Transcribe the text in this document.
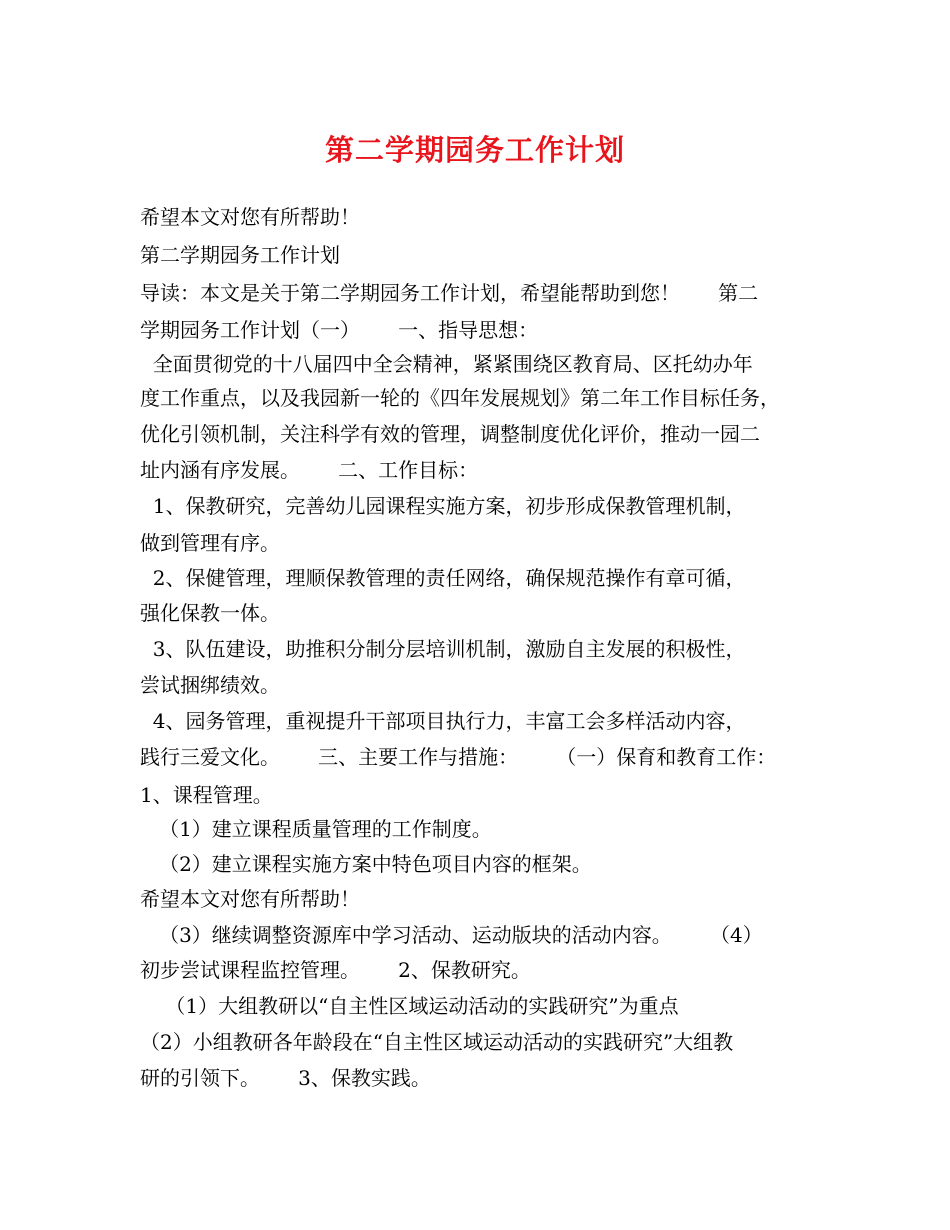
第二学期园务工作计划
希望本文对您有所帮助！
第二学期园务工作计划
导读：本文是关于第二学期园务工作计划，希望能帮助到您！      第二
学期园务工作计划（一）      一、指导思想：
全面贯彻党的十八届四中全会精神，紧紧围绕区教育局、区托幼办年
度工作重点，以及我园新一轮的《四年发展规划》第二年工作目标任务，
优化引领机制，关注科学有效的管理，调整制度优化评价，推动一园二
址内涵有序发展。      二、工作目标：
1、保教研究，完善幼儿园课程实施方案，初步形成保教管理机制，
做到管理有序。
2、保健管理，理顺保教管理的责任网络，确保规范操作有章可循，
强化保教一体。
3、队伍建设，助推积分制分层培训机制，激励自主发展的积极性，
尝试捆绑绩效。
4、园务管理，重视提升干部项目执行力，丰富工会多样活动内容，
践行三爱文化。      三、主要工作与措施：      （一）保育和教育工作：
1、课程管理。
（1）建立课程质量管理的工作制度。
（2）建立课程实施方案中特色项目内容的框架。
希望本文对您有所帮助！
（3）继续调整资源库中学习活动、运动版块的活动内容。      （4）
初步尝试课程监控管理。      2、保教研究。
（1）大组教研以“自主性区域运动活动的实践研究”为重点
（2）小组教研各年龄段在“自主性区域运动活动的实践研究”大组教
研的引领下。      3、保教实践。
